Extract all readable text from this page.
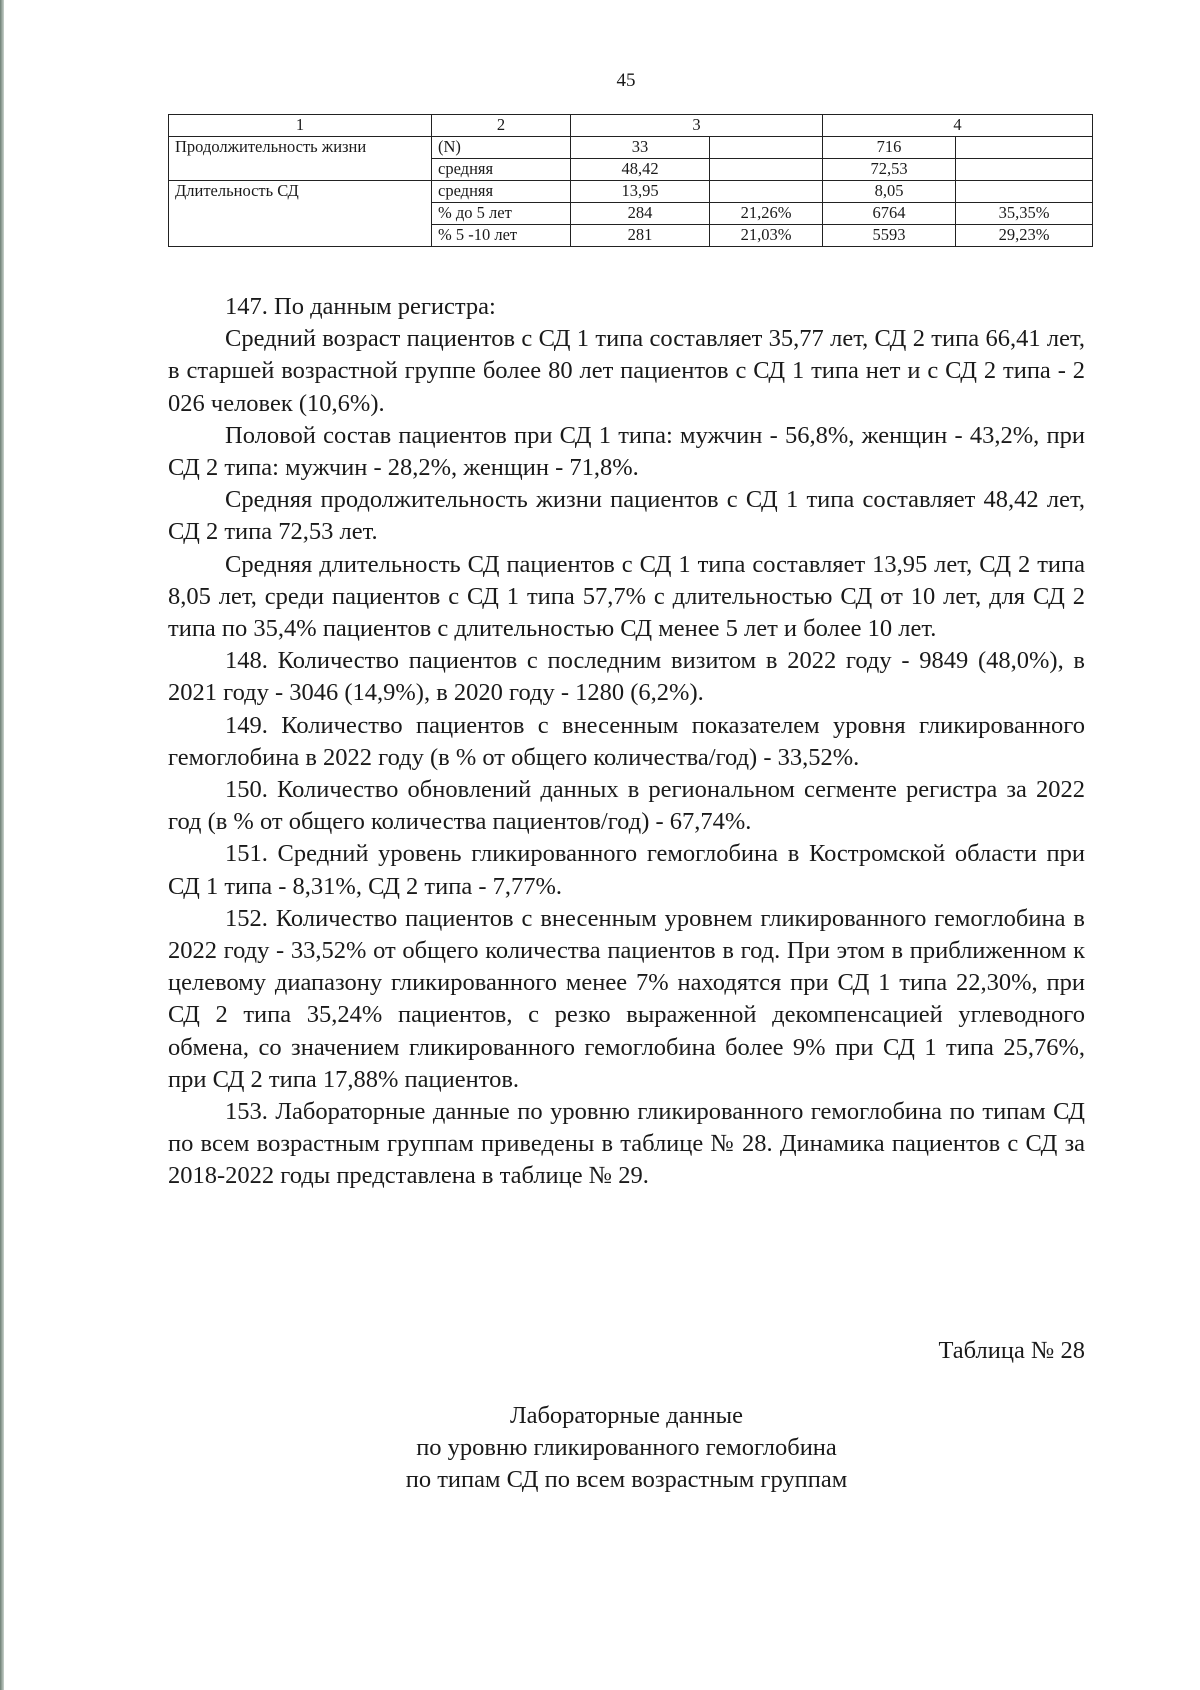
45
1	2	3		4	
Продолжительность жизни	(N)	33		716	
	средняя	48,42		72,53	
Длительность СД	средняя	13,95		8,05	
	% до 5 лет	284	21,26%	6764	35,35%
	% 5 -10 лет	281	21,03%	5593	29,23%

147. По данным регистра:

Средний возраст пациентов с СД 1 типа составляет 35,77 лет, СД 2 типа 66,41 лет, в старшей возрастной группе более 80 лет пациентов с СД 1 типа нет и с СД 2 типа - 2 026 человек (10,6%).

Половой состав пациентов при СД 1 типа: мужчин - 56,8%, женщин - 43,2%, при СД 2 типа: мужчин - 28,2%, женщин - 71,8%.

Средняя продолжительность жизни пациентов с СД 1 типа составляет 48,42 лет, СД 2 типа 72,53 лет.

Средняя длительность СД пациентов с СД 1 типа составляет 13,95 лет, СД 2 типа 8,05 лет, среди пациентов с СД 1 типа 57,7% с длительностью СД от 10 лет, для СД 2 типа по 35,4% пациентов с длительностью СД менее 5 лет и более 10 лет.

148. Количество пациентов с последним визитом в 2022 году - 9849 (48,0%), в 2021 году - 3046 (14,9%), в 2020 году - 1280 (6,2%).

149. Количество пациентов с внесенным показателем уровня гликированного гемоглобина в 2022 году (в % от общего количества/год) - 33,52%.

150. Количество обновлений данных в региональном сегменте регистра за 2022 год (в % от общего количества пациентов/год) - 67,74%.

151. Средний уровень гликированного гемоглобина в Костромской области при СД 1 типа - 8,31%, СД 2 типа - 7,77%.

152. Количество пациентов с внесенным уровнем гликированного гемоглобина в 2022 году - 33,52% от общего количества пациентов в год. При этом в приближенном к целевому диапазону гликированного менее 7% находятся при СД 1 типа 22,30%, при СД 2 типа 35,24% пациентов, с резко выраженной декомпенсацией углеводного обмена, со значением гликированного гемоглобина более 9% при СД 1 типа 25,76%, при СД 2 типа 17,88% пациентов.

153. Лабораторные данные по уровню гликированного гемоглобина по типам СД по всем возрастным группам приведены в таблице № 28. Динамика пациентов с СД за 2018-2022 годы представлена в таблице № 29.

Таблица № 28
Лабораторные данные
по уровню гликированного гемоглобина
по типам СД по всем возрастным группам
